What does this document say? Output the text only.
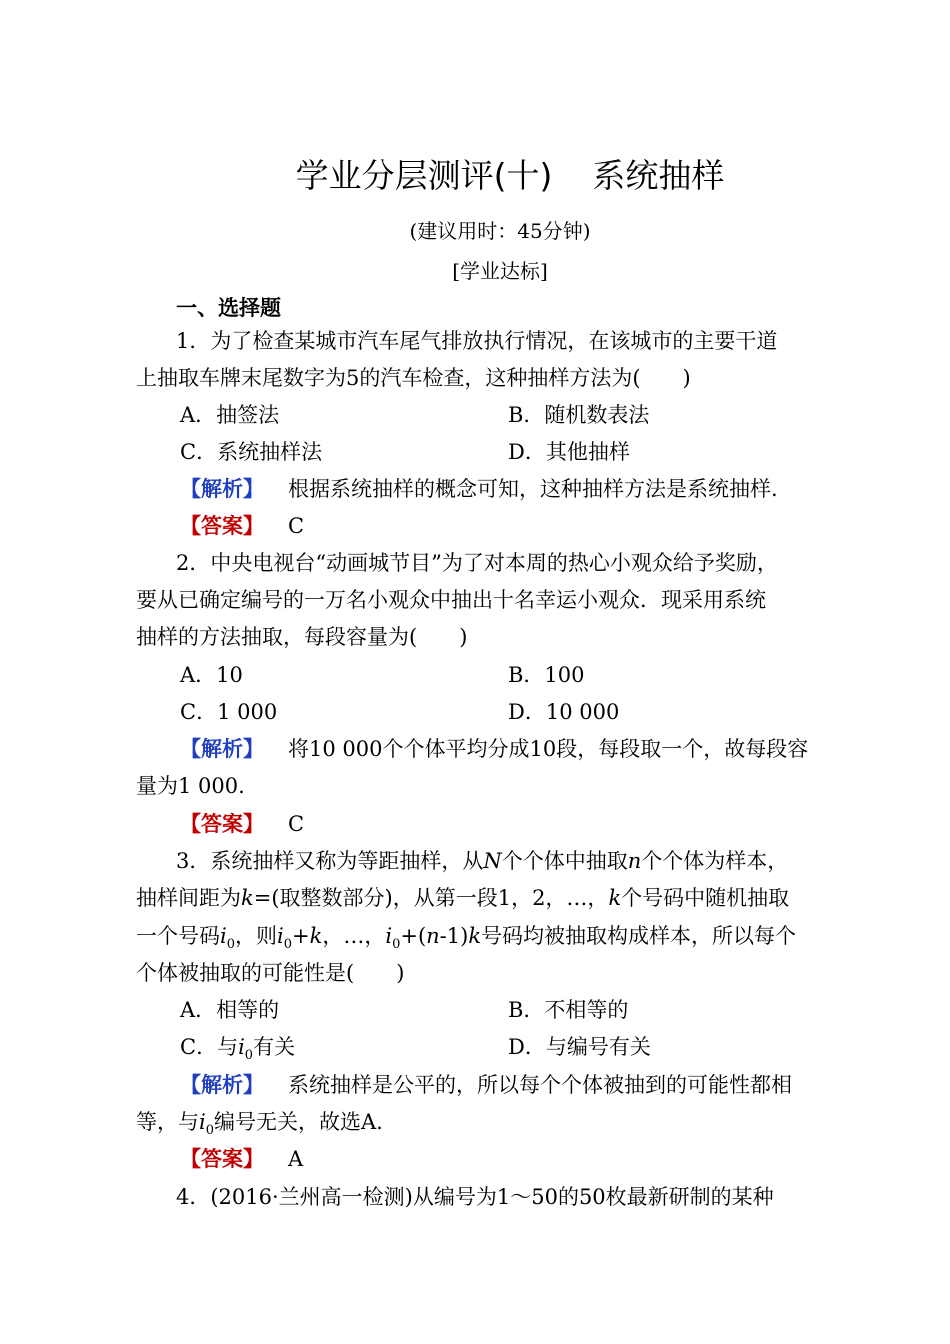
学业分层测评(十) 系统抽样
(建议用时：45分钟)
[学业达标]
一、选择题
1．为了检查某城市汽车尾气排放执行情况，在该城市的主要干道
上抽取车牌末尾数字为5的汽车检查，这种抽样方法为(　　)
A．抽签法	B．随机数表法
C．系统抽样法	D．其他抽样
【解析】 根据系统抽样的概念可知，这种抽样方法是系统抽样.
【答案】 C
2．中央电视台“动画城节目”为了对本周的热心小观众给予奖励，
要从已确定编号的一万名小观众中抽出十名幸运小观众．现采用系统
抽样的方法抽取，每段容量为(　　)
A．10	B．100
C．1 000	D．10 000
【解析】 将10 000个个体平均分成10段，每段取一个，故每段容
量为1 000.
【答案】 C
3．系统抽样又称为等距抽样，从N个个体中抽取n个个体为样本，
抽样间距为k=(取整数部分)，从第一段1，2，…，k个号码中随机抽取
一个号码$i_0$，则$i_0+k$，…，$i_0+(n-1)k$号码均被抽取构成样本，所以每个
个体被抽取的可能性是(　　)
A．相等的	B．不相等的
C．与$i_0$有关	D．与编号有关
【解析】 系统抽样是公平的，所以每个个体被抽到的可能性都相
等，与$i_0$编号无关，故选A.
【答案】 A
4．(2016·兰州高一检测)从编号为1～50的50枚最新研制的某种
